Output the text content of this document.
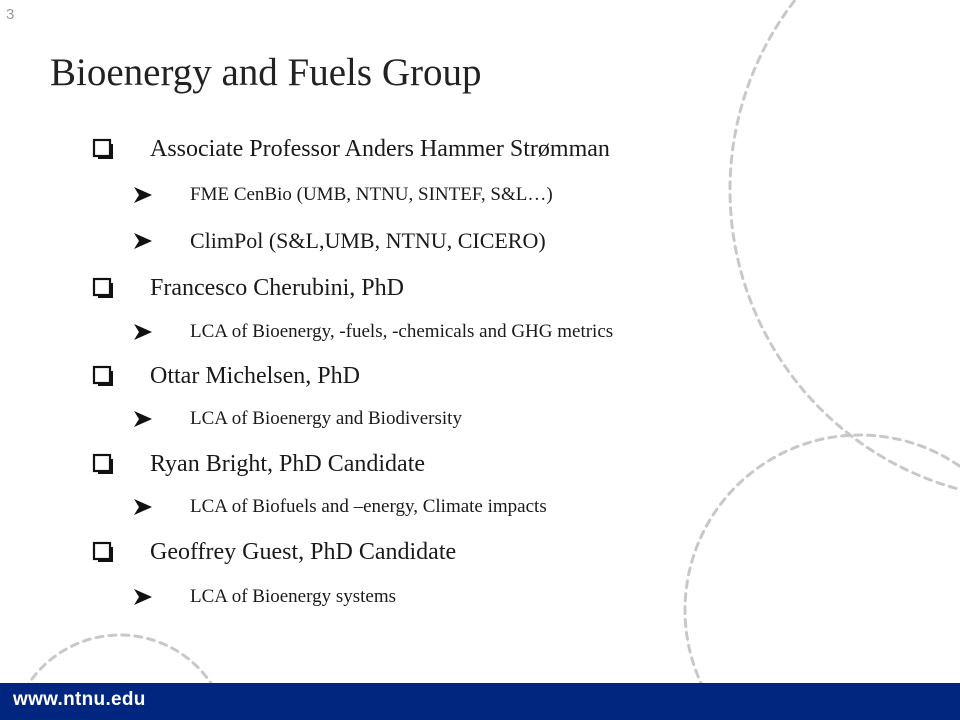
3
Bioenergy and Fuels Group
Associate Professor Anders Hammer Strømman
FME CenBio (UMB, NTNU, SINTEF, S&L…)
ClimPol (S&L,UMB, NTNU, CICERO)
Francesco Cherubini, PhD
LCA of Bioenergy, -fuels, -chemicals and GHG metrics
Ottar Michelsen, PhD
LCA of Bioenergy and Biodiversity
Ryan Bright, PhD Candidate
LCA of Biofuels and –energy, Climate impacts
Geoffrey Guest, PhD Candidate
LCA of Bioenergy systems
www.ntnu.edu
